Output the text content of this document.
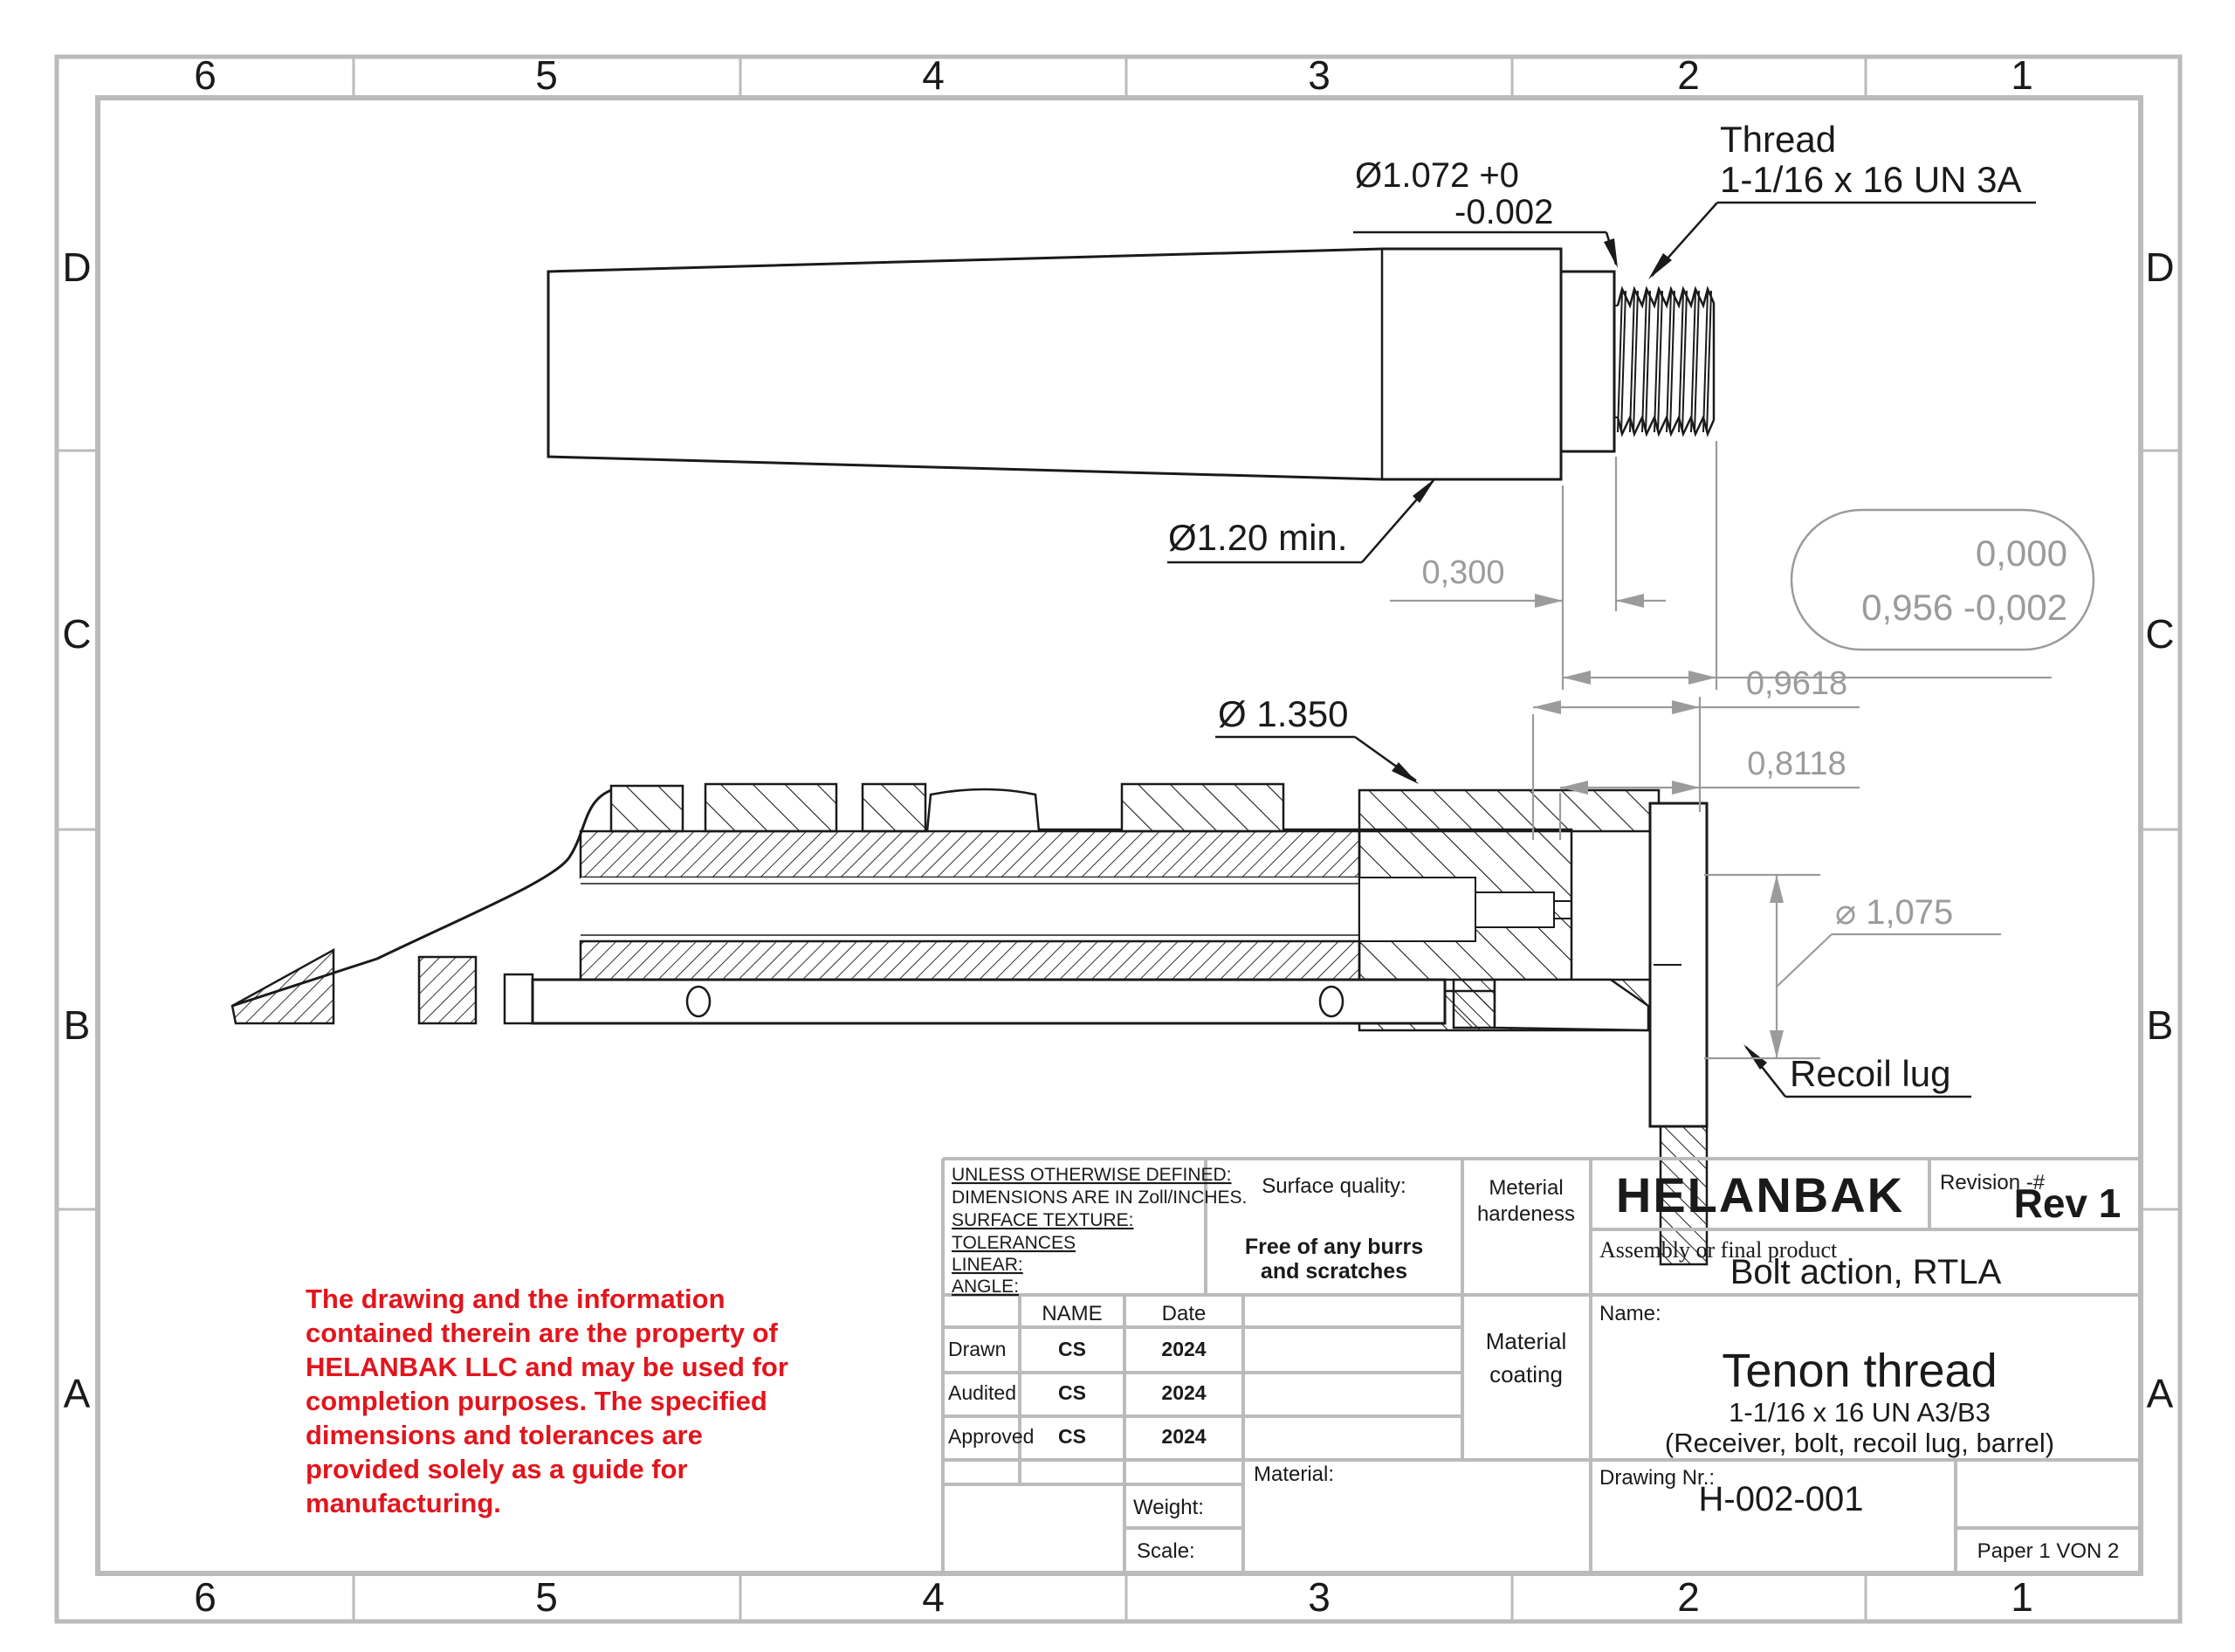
6	5	4	3	2	1
6	5	4	3	2	1
D
C
B
A
D
C
B
A
Ø1.072 +0
-0.002
Thread
1-1/16 x 16 UN 3A
Ø1.20 min.
0,300	0,000
0,956 -0,002
Ø 1.350
Recoil lug
0,9618
0,8118
⌀ 1,075
UNLESS OTHERWISE DEFINED:
DIMENSIONS ARE IN Zoll/INCHES.
SURFACE TEXTURE:
TOLERANCES
LINEAR:
ANGLE:
Surface quality:
Free of any burrs
and scratches
Meterial
hardeness HELANBAK Revision -#
Rev 1
Assembly or final product
Bolt action, RTLA
NAME	Date
Drawn	CS	2024
Audited CS	2024
Approved CS	2024
Material
coating
Name:
Tenon thread
1-1/16 x 16 UN A3/B3
(Receiver, bolt, recoil lug, barrel)
Material:
Weight:
Scale:
Drawing Nr.:
H-002-001
Paper 1 VON 2
The drawing and the information contained therein are the property of HELANBAK LLC and may be used for completion purposes. The specified dimensions and tolerances are provided solely as a guide for manufacturing.
